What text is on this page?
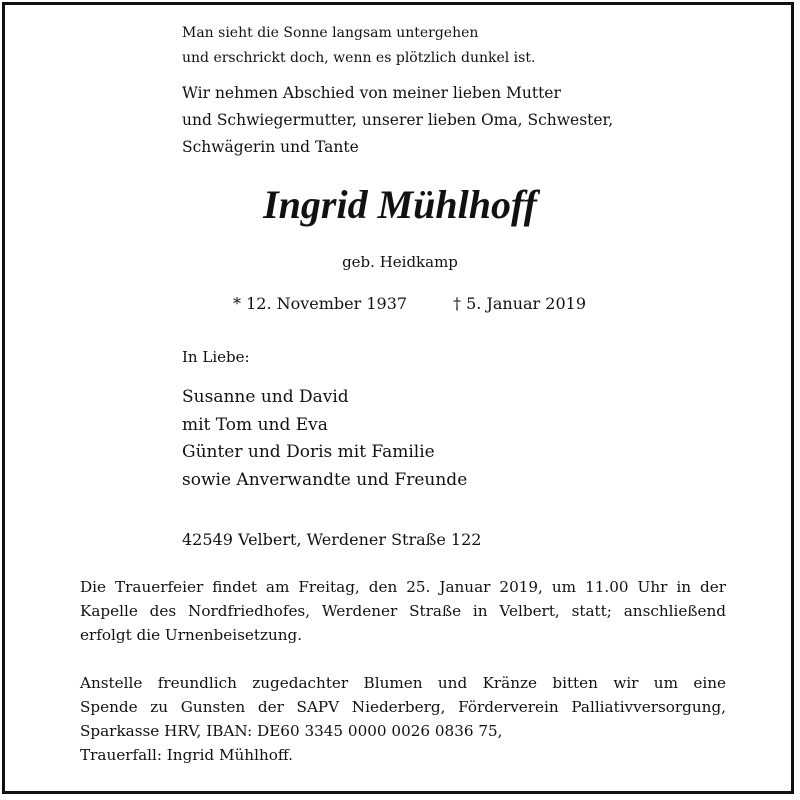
Man sieht die Sonne langsam untergehen
und erschrickt doch, wenn es plötzlich dunkel ist.

Wir nehmen Abschied von meiner lieben Mutter
und Schwiegermutter, unserer lieben Oma, Schwester,
Schwägerin und Tante

Ingrid Mühlhoff

geb. Heidkamp

* 12. November 1937	† 5. Januar 2019

In Liebe:

Susanne und David
mit Tom und Eva
Günter und Doris mit Familie
sowie Anverwandte und Freunde

42549 Velbert, Werdener Straße 122

Die Trauerfeier findet am Freitag, den 25. Januar 2019, um 11.00 Uhr in der
Kapelle des Nordfriedhofes, Werdener Straße in Velbert, statt; anschließend
erfolgt die Urnenbeisetzung.

Anstelle freundlich zugedachter Blumen und Kränze bitten wir um eine
Spende zu Gunsten der SAPV Niederberg, Förderverein Palliativversorgung,
Sparkasse HRV, IBAN: DE60 3345 0000 0026 0836 75,
Trauerfall: Ingrid Mühlhoff.
